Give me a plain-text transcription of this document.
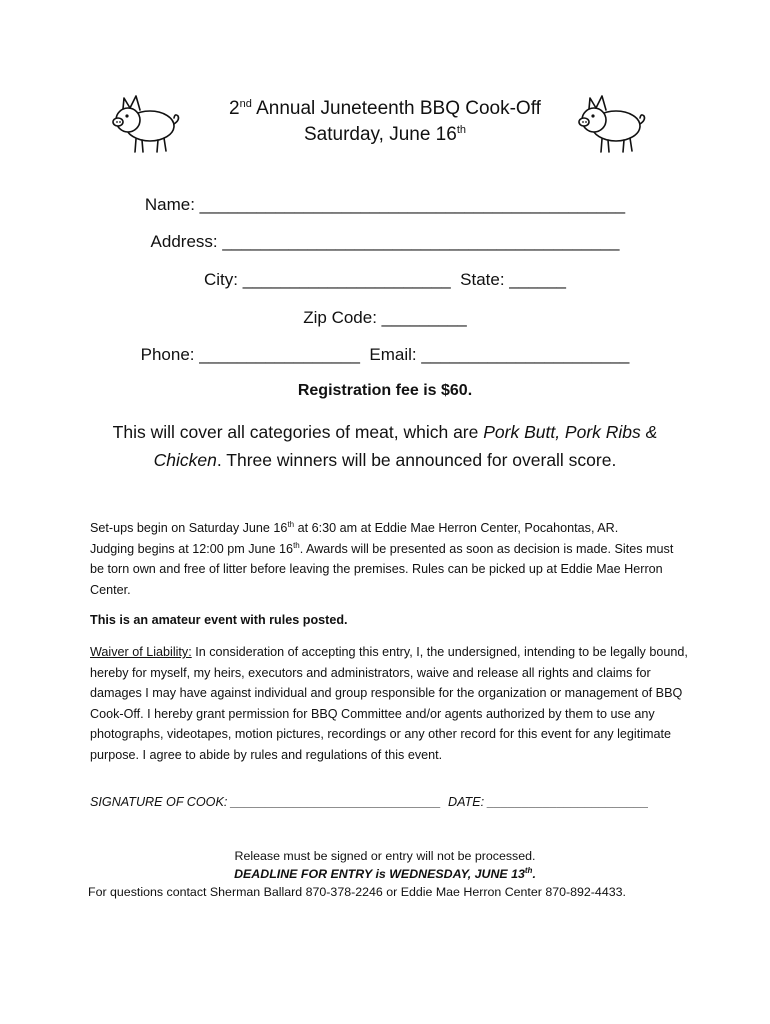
2nd Annual Juneteenth BBQ Cook-Off
Saturday, June 16th
Name: _____________________________________________
Address: __________________________________________
City: ______________________  State: ______
Zip Code: _________
Phone: _________________  Email: ______________________
Registration fee is $60.
This will cover all categories of meat, which are Pork Butt, Pork Ribs & Chicken. Three winners will be announced for overall score.
Set-ups begin on Saturday June 16th at 6:30 am at Eddie Mae Herron Center, Pocahontas, AR.
Judging begins at 12:00 pm June 16th. Awards will be presented as soon as decision is made. Sites must be torn own and free of litter before leaving the premises. Rules can be picked up at Eddie Mae Herron Center.
This is an amateur event with rules posted.
Waiver of Liability: In consideration of accepting this entry, I, the undersigned, intending to be legally bound, hereby for myself, my heirs, executors and administrators, waive and release all rights and claims for damages I may have against individual and group responsible for the organization or management of BBQ Cook-Off. I hereby grant permission for BBQ Committee and/or agents authorized by them to use any photographs, videotapes, motion pictures, recordings or any other record for this event for any legitimate purpose. I agree to abide by rules and regulations of this event.
SIGNATURE OF COOK: ______________________________  DATE: _______________________
Release must be signed or entry will not be processed.
DEADLINE FOR ENTRY is WEDNESDAY, JUNE 13th.
For questions contact Sherman Ballard 870-378-2246 or Eddie Mae Herron Center 870-892-4433.
